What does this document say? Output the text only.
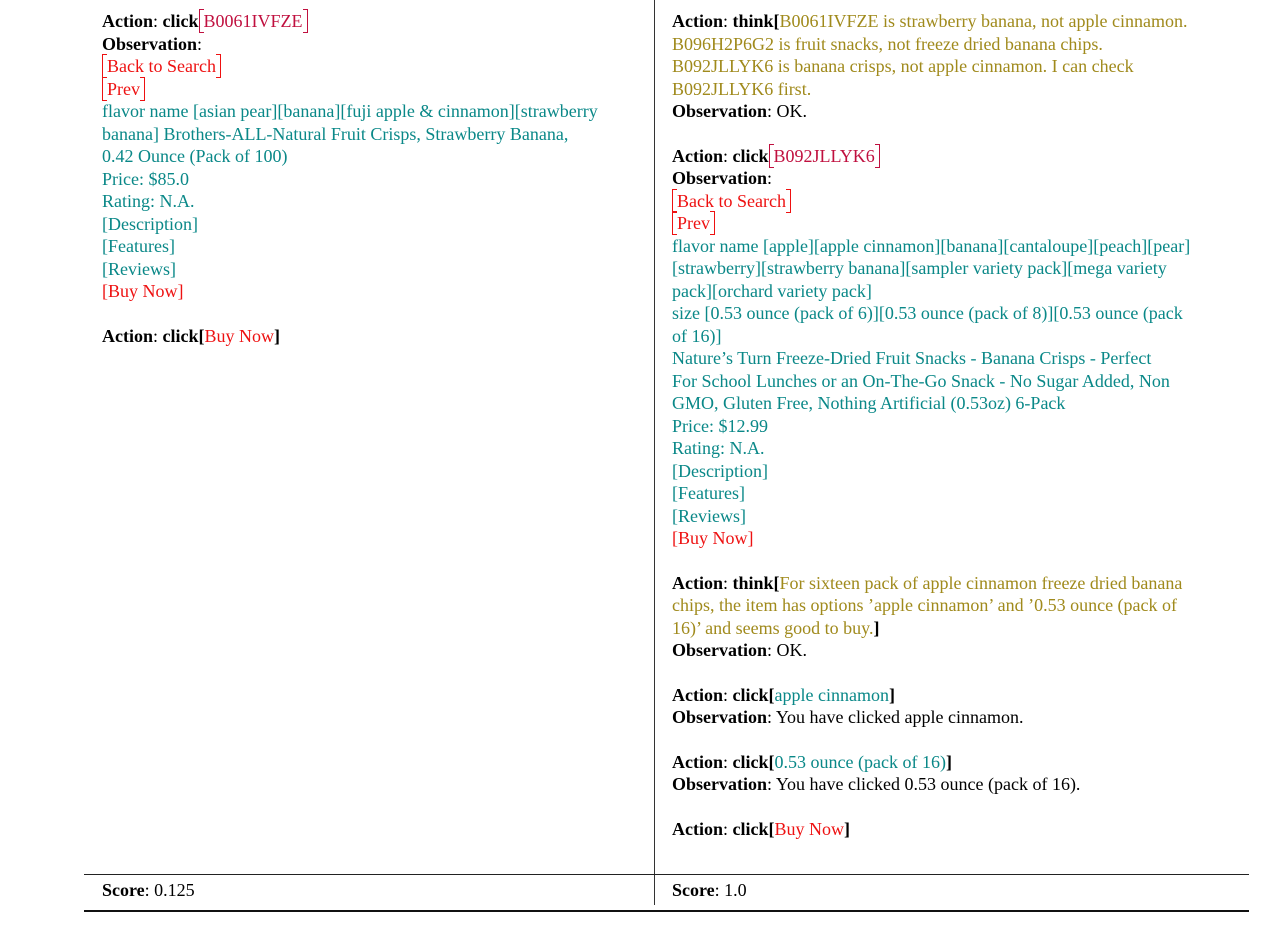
Action: click B0061IVFZE
Observation:
Back to Search
Prev
flavor name [asian pear][banana][fuji apple & cinnamon][strawberry
banana] Brothers-ALL-Natural Fruit Crisps, Strawberry Banana,
0.42 Ounce (Pack of 100)
Price: $85.0
Rating: N.A.
[Description]
[Features]
[Reviews]
[Buy Now]
Action: click[Buy Now]
Action: think[B0061IVFZE is strawberry banana, not apple cinnamon.
B096H2P6G2 is fruit snacks, not freeze dried banana chips.
B092JLLYK6 is banana crisps, not apple cinnamon. I can check
B092JLLYK6 first.
Observation: OK.
Action: click B092JLLYK6
Observation:
Back to Search
Prev
flavor name [apple][apple cinnamon][banana][cantaloupe][peach][pear]
[strawberry][strawberry banana][sampler variety pack][mega variety
pack][orchard variety pack]
size [0.53 ounce (pack of 6)][0.53 ounce (pack of 8)][0.53 ounce (pack
of 16)]
Nature’s Turn Freeze-Dried Fruit Snacks - Banana Crisps - Perfect
For School Lunches or an On-The-Go Snack - No Sugar Added, Non
GMO, Gluten Free, Nothing Artificial (0.53oz) 6-Pack
Price: $12.99
Rating: N.A.
[Description]
[Features]
[Reviews]
[Buy Now]
Action: think[For sixteen pack of apple cinnamon freeze dried banana
chips, the item has options ’apple cinnamon’ and ’0.53 ounce (pack of
16)’ and seems good to buy.]
Observation: OK.
Action: click[apple cinnamon]
Observation: You have clicked apple cinnamon.
Action: click[0.53 ounce (pack of 16)]
Observation: You have clicked 0.53 ounce (pack of 16).
Action: click[Buy Now]
Score: 0.125	Score: 1.0
